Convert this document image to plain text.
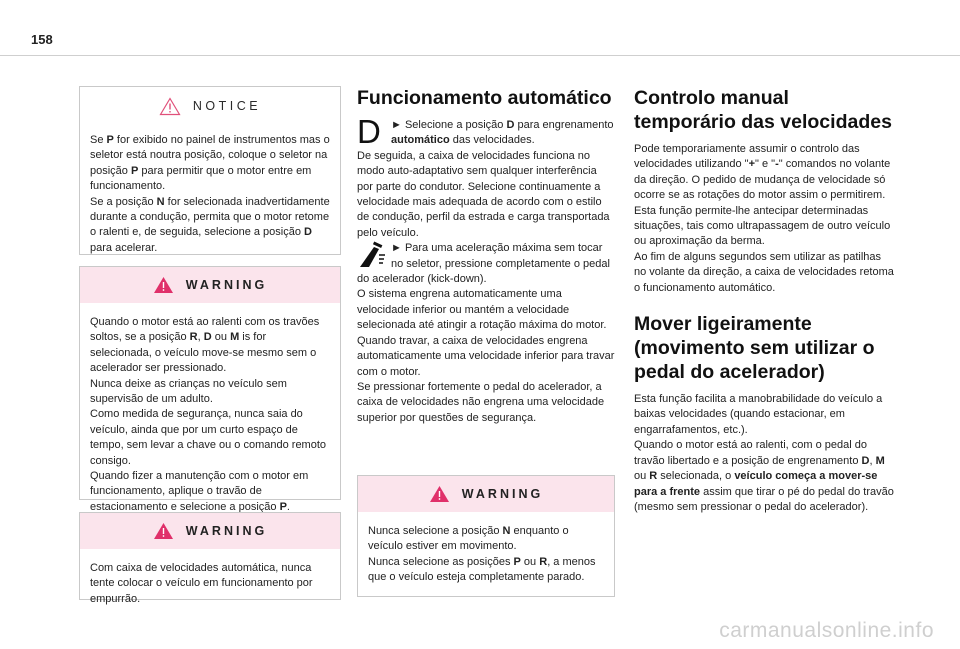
158
NOTICE
Se P for exibido no painel de instrumentos mas o seletor está noutra posição, coloque o seletor na posição P para permitir que o motor entre em funcionamento.
Se a posição N for selecionada inadvertidamente durante a condução, permita que o motor retome o ralenti e, de seguida, selecione a posição D para acelerar.
WARNING
Quando o motor está ao ralenti com os travões soltos, se a posição R, D ou M is for selecionada, o veículo move-se mesmo sem o acelerador ser pressionado.
Nunca deixe as crianças no veículo sem supervisão de um adulto.
Como medida de segurança, nunca saia do veículo, ainda que por um curto espaço de tempo, sem levar a chave ou o comando remoto consigo.
Quando fizer a manutenção com o motor em funcionamento, aplique o travão de estacionamento e selecione a posição P.
WARNING
Com caixa de velocidades automática, nunca tente colocar o veículo em funcionamento por empurrão.
Funcionamento automático
D ► Selecione a posição D para engrenamento automático das velocidades.

De seguida, a caixa de velocidades funciona no modo auto-adaptativo sem qualquer interferência por parte do condutor. Selecione continuamente a velocidade mais adequada de acordo com o estilo de condução, perfil da estrada e carga transportada pelo veículo.

► Para uma aceleração máxima sem tocar no seletor, pressione completamente o pedal do acelerador (kick-down).

O sistema engrena automaticamente uma velocidade inferior ou mantém a velocidade selecionada até atingir a rotação máxima do motor.

Quando travar, a caixa de velocidades engrena automaticamente uma velocidade inferior para travar com o motor.

Se pressionar fortemente o pedal do acelerador, a caixa de velocidades não engrena uma velocidade superior por questões de segurança.

WARNING
Nunca selecione a posição N enquanto o veículo estiver em movimento.
Nunca selecione as posições P ou R, a menos que o veículo esteja completamente parado.
Controlo manual temporário das velocidades

Pode temporariamente assumir o controlo das velocidades utilizando "+" e "-" comandos no volante da direção. O pedido de mudança de velocidade só ocorre se as rotações do motor assim o permitirem.

Esta função permite-lhe antecipar determinadas situações, tais como ultrapassagem de outro veículo ou aproximação da berma.

Ao fim de alguns segundos sem utilizar as patilhas no volante da direção, a caixa de velocidades retoma o funcionamento automático.

Mover ligeiramente (movimento sem utilizar o pedal do acelerador)

Esta função facilita a manobrabilidade do veículo a baixas velocidades (quando estacionar, em engarrafamentos, etc.).

Quando o motor está ao ralenti, com o pedal do travão libertado e a posição de engrenamento D, M ou R selecionada, o veículo começa a mover-se para a frente assim que tirar o pé do pedal do travão (mesmo sem pressionar o pedal do acelerador).

carmanualsonline.info
